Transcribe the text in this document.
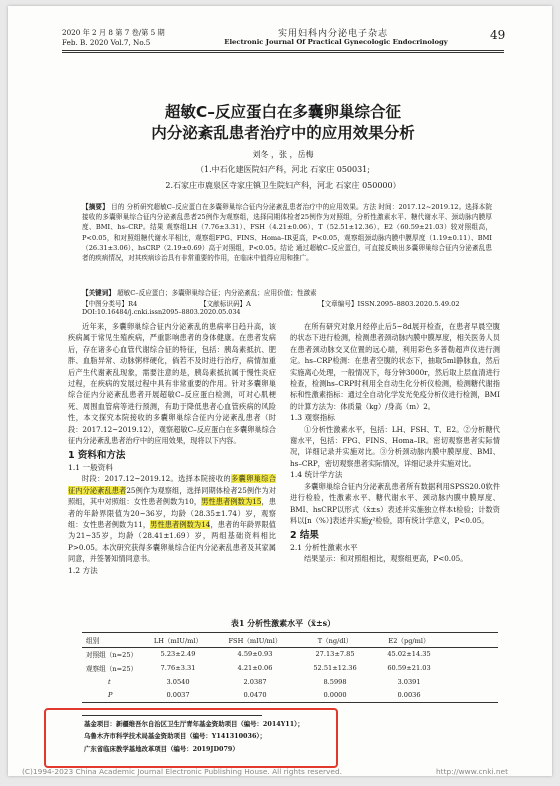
2020 年 2 月 8 第 7 卷/第 5 期
Feb. B. 2020 Vol.7, No.5
实用妇科内分泌电子杂志
Electronic Journal Of Practical Gynecologic Endocrinology	49
超敏C–反应蛋白在多囊卵巢综合征
内分泌紊乱患者治疗中的应用效果分析
刘冬 ，张 ，岳梅
（1.中石化建医院妇产科，河北 石家庄 050031;
2.石家庄市鹿泉区寺家庄镇卫生院妇产科，河北 石家庄 050000）
【摘要】 目的 分析研究超敏C–反应蛋白在多囊卵巢综合征内分泌紊乱患者治疗中的应用效果。方法 时间：2017.12~2019.12。选择本院接收的多囊卵巢综合征内分泌紊乱患者25例作为观察组，选择同期体检者25例作为对照组，分析性激素水平、糖代谢水平、颈动脉内膜厚度、BMI、hs–CRP。结果 观察组LH（7.76±3.31）、FSH（4.21±0.06）、T（52.51±12.36）、E2（60.59±21.03）较对照组高，P<0.05，和对照组糖代谢水平相比，观察组FPG、FINS、Homa–IR更高，P<0.05，观察组颈动脉内膜中膜厚度（1.19±0.11）、BMI（26.31±3.06）、hsCRP（2.19±0.69）高于对照组，P<0.05。结论 通过超敏C–反应蛋白，可直接反映出多囊卵巢综合征内分泌紊乱患者的疾病情况，对其疾病诊治具有非常重要的作用，在临床中值得应用和推广。
【关键词】 超敏C–反应蛋白；多囊卵巢综合征；内分泌紊乱；应用价值；性激素
【中图分类号】R4	【文献标识码】A	【文章编号】ISSN.2095–8803.2020.5.49.02
DOI:10.16484/j.cnki.issn2095–8803.2020.05.034

近年来，多囊卵巢综合征内分泌紊乱的患病率日趋升高，该疾病属于常见生殖疾病，严重影响患者的身体健康。在患者发病后，存在诸多心血管代谢综合征的特征，包括：胰岛素抵抗、肥胖、血脂异常、动脉粥样硬化，倘若不及时进行治疗，病情加重后产生代谢紊乱现象，需要注意的是，胰岛素抵抗属于慢性炎症过程，在疾病的发展过程中具有非常重要的作用。针对多囊卵巢综合征内分泌紊乱患者开展超敏C–反应蛋白检测，可对心肌梗死、周围血管病等进行预测，有助于降低患者心血管疾病的风险性，本文探究本院接收的多囊卵巢综合征内分泌紊乱患者（时段：2017.12~2019.12），观察超敏C–反应蛋白在多囊卵巢综合征内分泌紊乱患者治疗中的应用效果，现将以下内容。

1 资料和方法

1.1 一般资料

时段：2017.12~2019.12。选择本院接收的多囊卵巢综合征内分泌紊乱患者25例作为观察组，选择同期体检者25例作为对照组，其中对照组：女性患者例数为10，男性患者例数为15，患者的年龄界限值为20~36岁，均龄（28.35±1.74）岁，观察组：女性患者例数为11，男性患者例数为14，患者的年龄界限值为21~35岁，均龄（28.41±1.69）岁，两组基础资料相比P>0.05。本次研究获得多囊卵巢综合征内分泌紊乱患者及其家属同意，并签署知情同意书。

1.2 方法

在所有研究对象月经停止后5~8d展开检查，在患者早晨空腹的状态下进行检测，检测患者颈动脉内膜中膜厚度，相关医务人员在患者颈动脉交叉位置的远心端，利用彩色多普勒超声仪进行测定。hs–CRP检测：在患者空腹的状态下，抽取5ml静脉血，然后实施离心处理，一般情况下，每分钟3000r，然后取上层血清进行检查，检测hs–CRP时利用全自动生化分析仪检测，检测糖代谢指标和性激素指标：通过全自动化学发光免疫分析仪进行检测，BMI的计算方法为：体质量（kg）/身高（m）2。

1.3 观察指标

①分析性激素水平，包括：LH、FSH、T、E2。②分析糖代谢水平，包括：FPG、FINS、Homa–IR。密切观察患者实际情况，详细记录并实施对比。③分析颈动脉内膜中膜厚度、BMI、hs–CRP，密切观察患者实际情况，详细记录并实施对比。

1.4 统计学方法

多囊卵巢综合征内分泌紊乱患者所有数据利用SPSS20.0软件进行检验，性激素水平、糖代谢水平、颈动脉内膜中膜厚度、BMI、hsCRP以形式（x̄±s）表述并实施独立样本t检验；计数资料以[n（%）]表述并实施χ²检验，即有统计学意义，P<0.05。

2 结果

2.1 分析性激素水平

结果显示：和对照组相比，观察组更高，P<0.05。

表1 分析性激素水平（x̄±s）
组别	LH（mIU/ml）	FSH（mIU/ml）	T（ng/dl）	E2（pg/ml）
对照组（n=25）	5.23±2.49	4.59±0.93	27.13±7.85	45.02±14.35
观察组（n=25）	7.76±3.31	4.21±0.06	52.51±12.36	60.59±21.03
t	3.0540	2.0387	8.5998	3.0391
P	0.0037	0.0470	0.0000	0.0036
基金项目：新疆维吾尔自治区卫生厅青年基金资助项目（编号：2014Y11）；
乌鲁木齐市科学技术局基金资助项目（编号：Y141310036）；
广东省临床教学基地改革项目（编号：2019JD079）
(C)1994-2023 China Academic Journal Electronic Publishing House. All rights reserved.	http://www.cnki.net
